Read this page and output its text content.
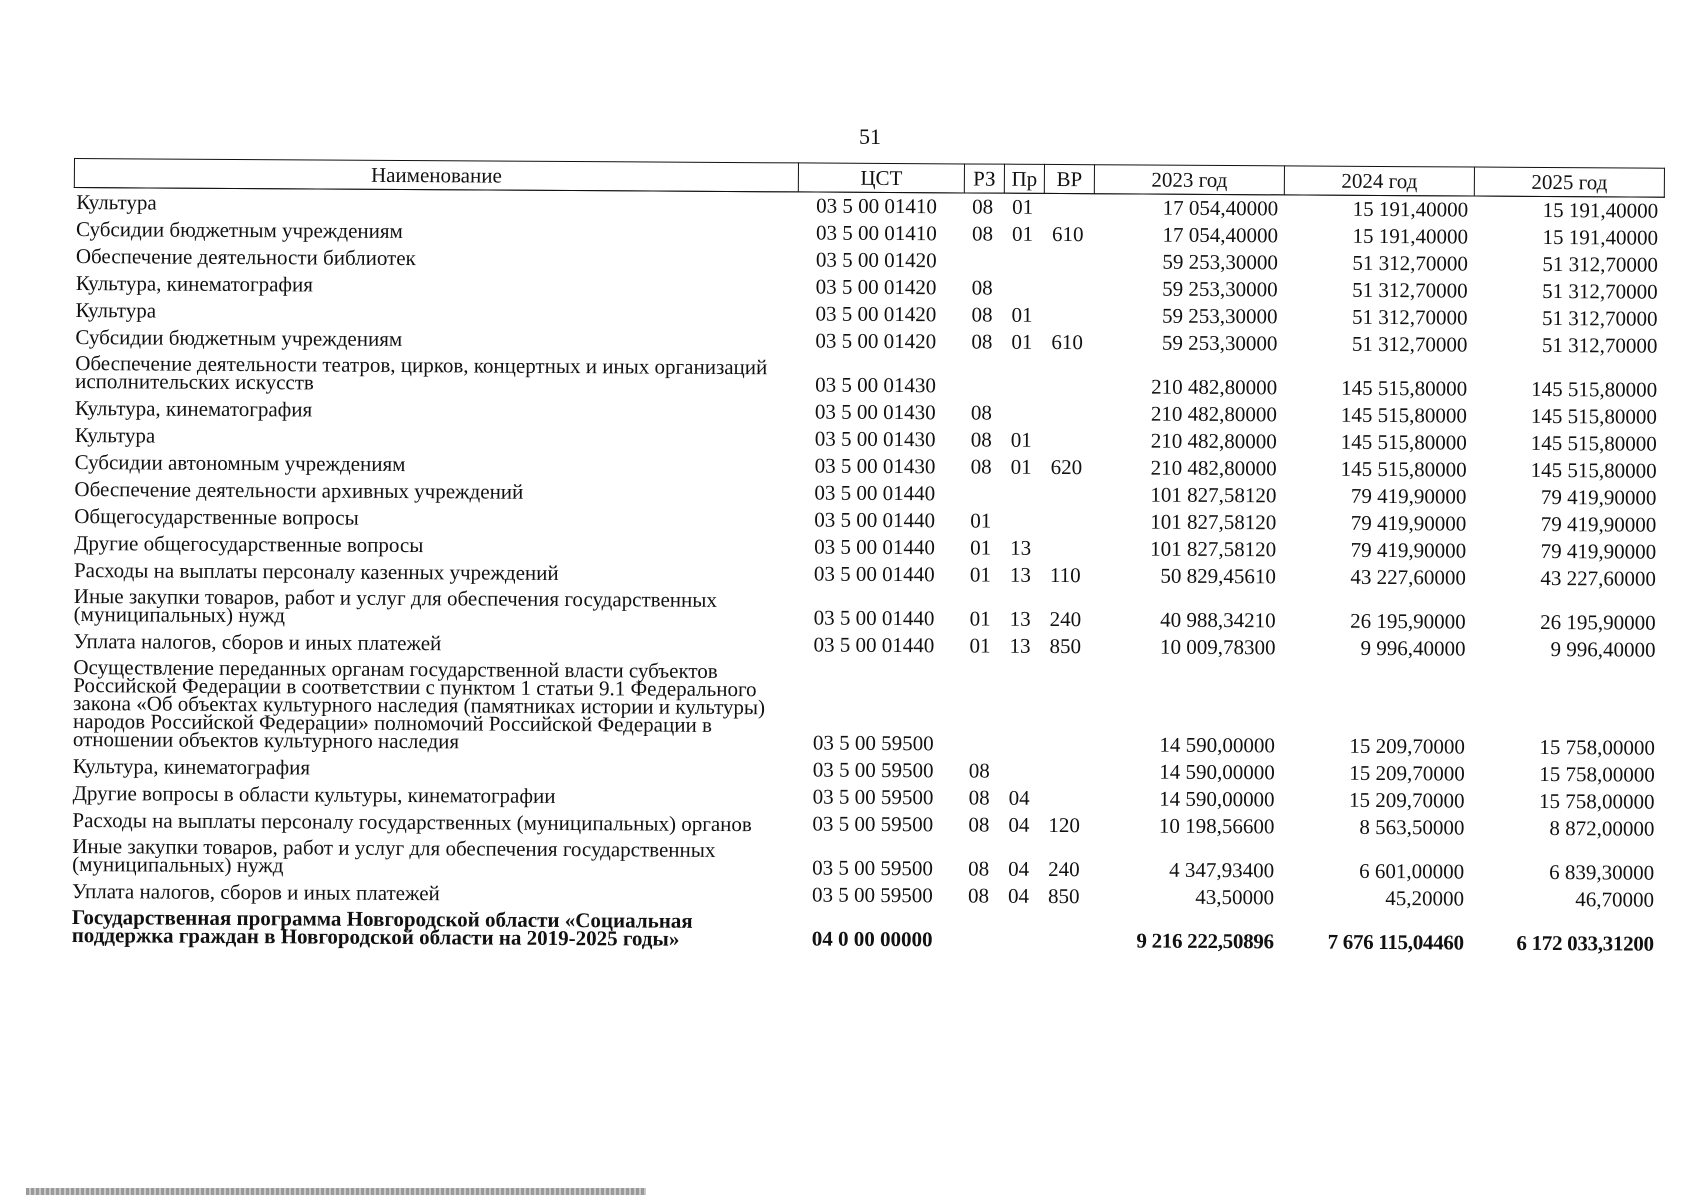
51
Наименование	ЦСТ	РЗ	Пр	ВР	2023 год	2024 год	2025 год
Культура	03 5 00 01410	08	01		17 054,40000	15 191,40000	15 191,40000
Субсидии бюджетным учреждениям	03 5 00 01410	08	01	610	17 054,40000	15 191,40000	15 191,40000
Обеспечение деятельности библиотек	03 5 00 01420				59 253,30000	51 312,70000	51 312,70000
Культура, кинематография	03 5 00 01420	08			59 253,30000	51 312,70000	51 312,70000
Культура	03 5 00 01420	08	01		59 253,30000	51 312,70000	51 312,70000
Субсидии бюджетным учреждениям	03 5 00 01420	08	01	610	59 253,30000	51 312,70000	51 312,70000
Обеспечение деятельности театров, цирков, концертных и иных организаций исполнительских искусств	03 5 00 01430				210 482,80000	145 515,80000	145 515,80000
Культура, кинематография	03 5 00 01430	08			210 482,80000	145 515,80000	145 515,80000
Культура	03 5 00 01430	08	01		210 482,80000	145 515,80000	145 515,80000
Субсидии автономным учреждениям	03 5 00 01430	08	01	620	210 482,80000	145 515,80000	145 515,80000
Обеспечение деятельности архивных учреждений	03 5 00 01440				101 827,58120	79 419,90000	79 419,90000
Общегосударственные вопросы	03 5 00 01440	01			101 827,58120	79 419,90000	79 419,90000
Другие общегосударственные вопросы	03 5 00 01440	01	13		101 827,58120	79 419,90000	79 419,90000
Расходы на выплаты персоналу казенных учреждений	03 5 00 01440	01	13	110	50 829,45610	43 227,60000	43 227,60000
Иные закупки товаров, работ и услуг для обеспечения государственных (муниципальных) нужд	03 5 00 01440	01	13	240	40 988,34210	26 195,90000	26 195,90000
Уплата налогов, сборов и иных платежей	03 5 00 01440	01	13	850	10 009,78300	9 996,40000	9 996,40000
Осуществление переданных органам государственной власти субъектов Российской Федерации в соответствии с пунктом 1 статьи 9.1 Федерального закона «Об объектах культурного наследия (памятниках истории и культуры) народов Российской Федерации» полномочий Российской Федерации в отношении объектов культурного наследия	03 5 00 59500				14 590,00000	15 209,70000	15 758,00000
Культура, кинематография	03 5 00 59500	08			14 590,00000	15 209,70000	15 758,00000
Другие вопросы в области культуры, кинематографии	03 5 00 59500	08	04		14 590,00000	15 209,70000	15 758,00000
Расходы на выплаты персоналу государственных (муниципальных) органов	03 5 00 59500	08	04	120	10 198,56600	8 563,50000	8 872,00000
Иные закупки товаров, работ и услуг для обеспечения государственных (муниципальных) нужд	03 5 00 59500	08	04	240	4 347,93400	6 601,00000	6 839,30000
Уплата налогов, сборов и иных платежей	03 5 00 59500	08	04	850	43,50000	45,20000	46,70000
Государственная программа Новгородской области «Социальная поддержка граждан в Новгородской области на 2019-2025 годы»	04 0 00 00000				9 216 222,50896	7 676 115,04460	6 172 033,31200
